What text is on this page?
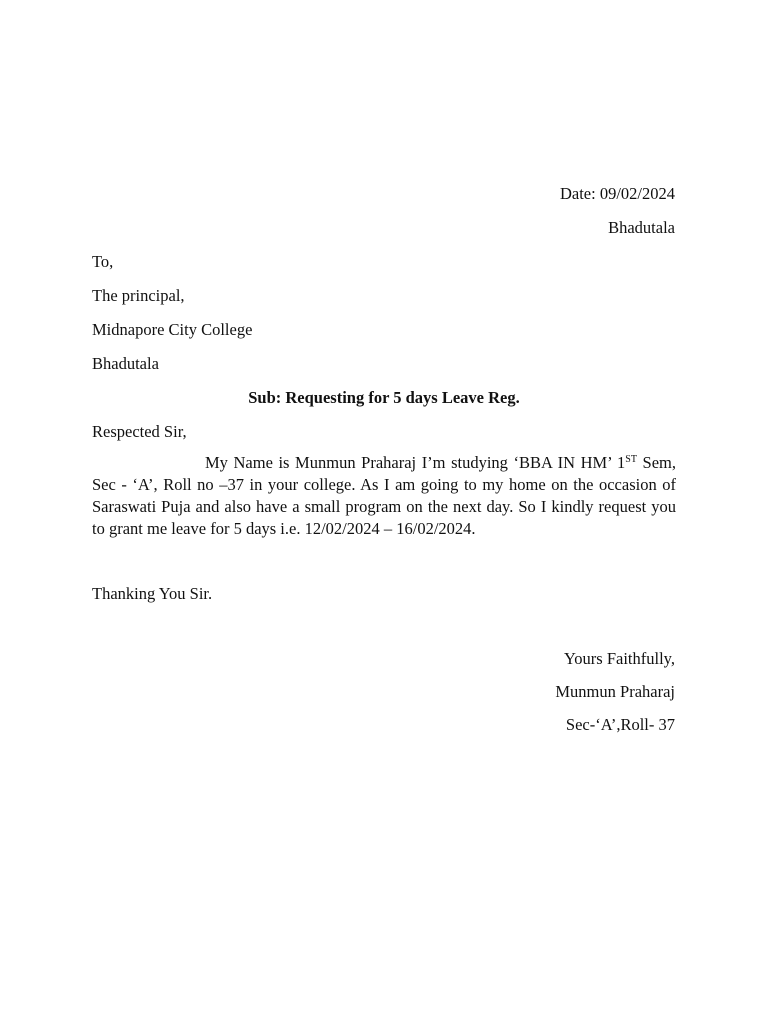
Date: 09/02/2024
Bhadutala
To,
The principal,
Midnapore City College
Bhadutala
Sub: Requesting for 5 days Leave Reg.
Respected Sir,
My Name is Munmun Praharaj I’m studying ‘BBA IN HM’ 1ST Sem, Sec - ‘A’, Roll no –37 in your college. As I am going to my home on the occasion of Saraswati Puja and also have a small program on the next day. So I kindly request you to grant me leave for 5 days i.e. 12/02/2024 – 16/02/2024.
Thanking You Sir.
Yours Faithfully,
Munmun Praharaj
Sec-‘A’,Roll- 37
